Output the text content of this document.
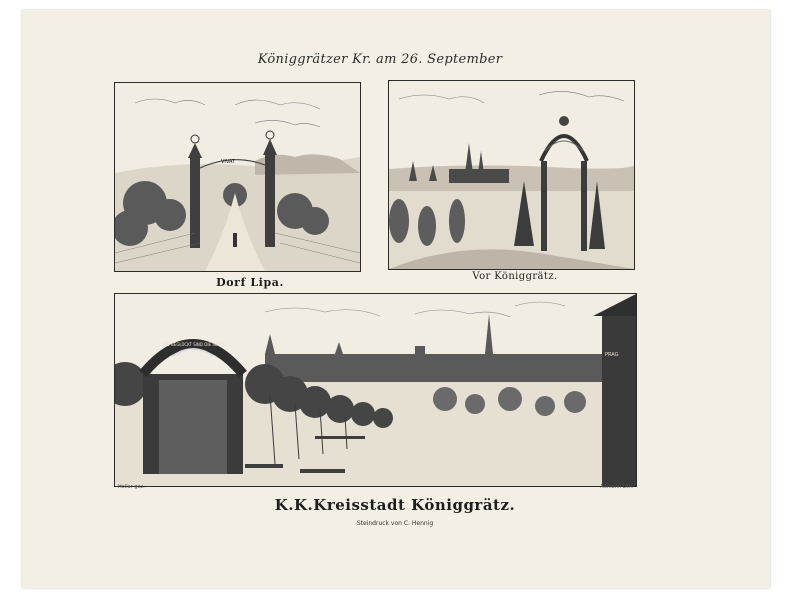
Königgrätzer Kr. am 26. September
VIVAT
Dorf Lipa.	Vor Königgrätz.
DIE BEGLÜCKT SIND DIE SEGNE...
PRAG
Hollar gez.	Altmann Lith.
K.K.Kreisstadt Königgrätz.
Steindruck von C. Hennig
